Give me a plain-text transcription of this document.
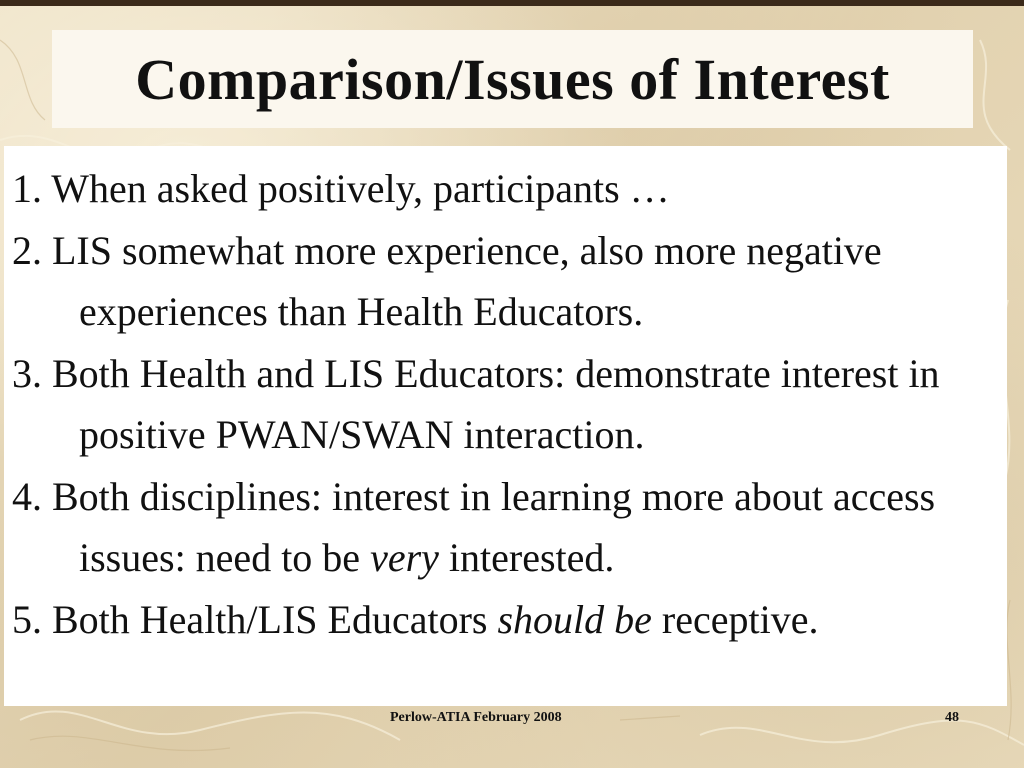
Comparison/Issues of Interest
1. When asked positively, participants …
2. LIS somewhat more experience, also more negative experiences than Health Educators.
3. Both Health and LIS Educators: demonstrate interest in positive PWAN/SWAN interaction.
4. Both disciplines: interest in learning more about access issues: need to be very interested.
5. Both Health/LIS Educators should be receptive.
Perlow-ATIA February 2008	48
